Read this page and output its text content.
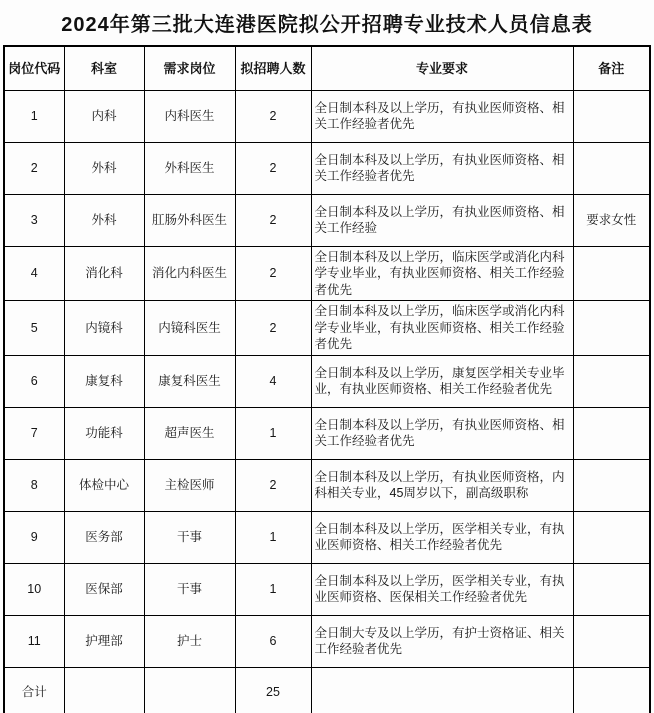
2024年第三批大连港医院拟公开招聘专业技术人员信息表
岗位代码	科室	需求岗位	拟招聘人数	专业要求	备注
1	内科	内科医生	2	全日制本科及以上学历，有执业医师资格、相关工作经验者优先	
2	外科	外科医生	2	全日制本科及以上学历，有执业医师资格、相关工作经验者优先	
3	外科	肛肠外科医生	2	全日制本科及以上学历，有执业医师资格、相关工作经验	要求女性
4	消化科	消化内科医生	2	全日制本科及以上学历，临床医学或消化内科学专业毕业，有执业医师资格、相关工作经验者优先	
5	内镜科	内镜科医生	2	全日制本科及以上学历，临床医学或消化内科学专业毕业，有执业医师资格、相关工作经验者优先	
6	康复科	康复科医生	4	全日制本科及以上学历，康复医学相关专业毕业，有执业医师资格、相关工作经验者优先	
7	功能科	超声医生	1	全日制本科及以上学历，有执业医师资格、相关工作经验者优先	
8	体检中心	主检医师	2	全日制本科及以上学历，有执业医师资格，内科相关专业，45周岁以下，副高级职称	
9	医务部	干事	1	全日制本科及以上学历，医学相关专业，有执业医师资格、相关工作经验者优先	
10	医保部	干事	1	全日制本科及以上学历，医学相关专业，有执业医师资格、医保相关工作经验者优先	
11	护理部	护士	6	全日制大专及以上学历，有护士资格证、相关工作经验者优先	
合计			25		
